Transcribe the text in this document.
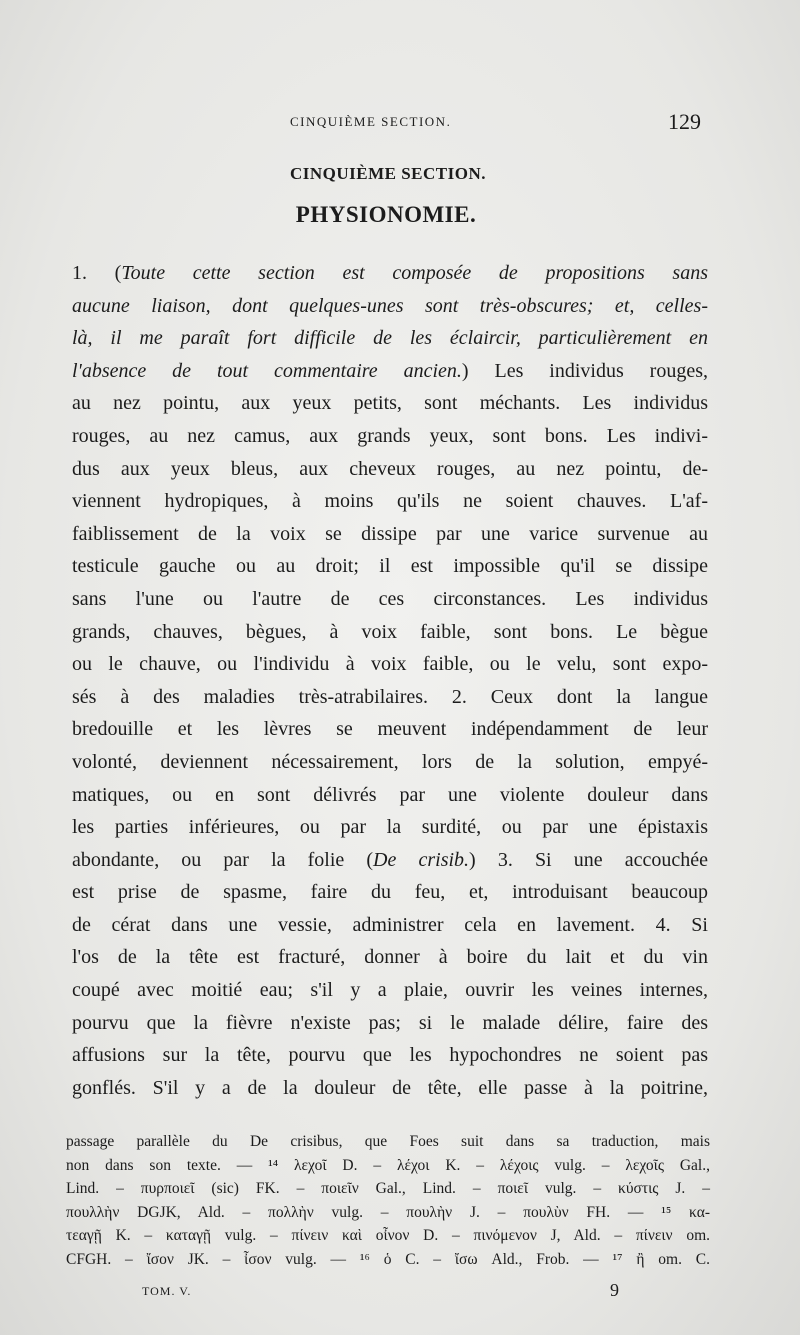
CINQUIÈME SECTION.	129
CINQUIÈME SECTION.
PHYSIONOMIE.
1. (Toute cette section est composée de propositions sans
aucune liaison, dont quelques-unes sont très-obscures; et, celles-
là, il me paraît fort difficile de les éclaircir, particulièrement en
l'absence de tout commentaire ancien.) Les individus rouges,
au nez pointu, aux yeux petits, sont méchants. Les individus
rouges, au nez camus, aux grands yeux, sont bons. Les indivi-
dus aux yeux bleus, aux cheveux rouges, au nez pointu, de-
viennent hydropiques, à moins qu'ils ne soient chauves. L'af-
faiblissement de la voix se dissipe par une varice survenue au
testicule gauche ou au droit; il est impossible qu'il se dissipe
sans l'une ou l'autre de ces circonstances. Les individus
grands, chauves, bègues, à voix faible, sont bons. Le bègue
ou le chauve, ou l'individu à voix faible, ou le velu, sont expo-
sés à des maladies très-atrabilaires. 2. Ceux dont la langue
bredouille et les lèvres se meuvent indépendamment de leur
volonté, deviennent nécessairement, lors de la solution, empyé-
matiques, ou en sont délivrés par une violente douleur dans
les parties inférieures, ou par la surdité, ou par une épistaxis
abondante, ou par la folie (De crisib.) 3. Si une accouchée
est prise de spasme, faire du feu, et, introduisant beaucoup
de cérat dans une vessie, administrer cela en lavement. 4. Si
l'os de la tête est fracturé, donner à boire du lait et du vin
coupé avec moitié eau; s'il y a plaie, ouvrir les veines internes,
pourvu que la fièvre n'existe pas; si le malade délire, faire des
affusions sur la tête, pourvu que les hypochondres ne soient pas
gonflés. S'il y a de la douleur de tête, elle passe à la poitrine,
passage parallèle du De crisibus, que Foes suit dans sa traduction, mais
non dans son texte. — ¹⁴ λεχοῖ D. – λέχοι K. – λέχοις vulg. – λεχοῖς Gal.,
Lind. – πυρποιεῖ (sic) FK. – ποιεῖν Gal., Lind. – ποιεῖ vulg. – κύστις J. –
πουλλὴν DGJK, Ald. – πολλὴν vulg. – πουλὴν J. – πουλὺν FH. — ¹⁵ κα-
τεαγῇ K. – καταγῇ vulg. – πίνειν καὶ οἶνον D. – πινόμενον J, Ald. – πίνειν om.
CFGH. – ἴσον JK. – ἶσον vulg. — ¹⁶ ὁ C. – ἴσω Ald., Frob. — ¹⁷ ἢ om. C.
TOM. V.	9
